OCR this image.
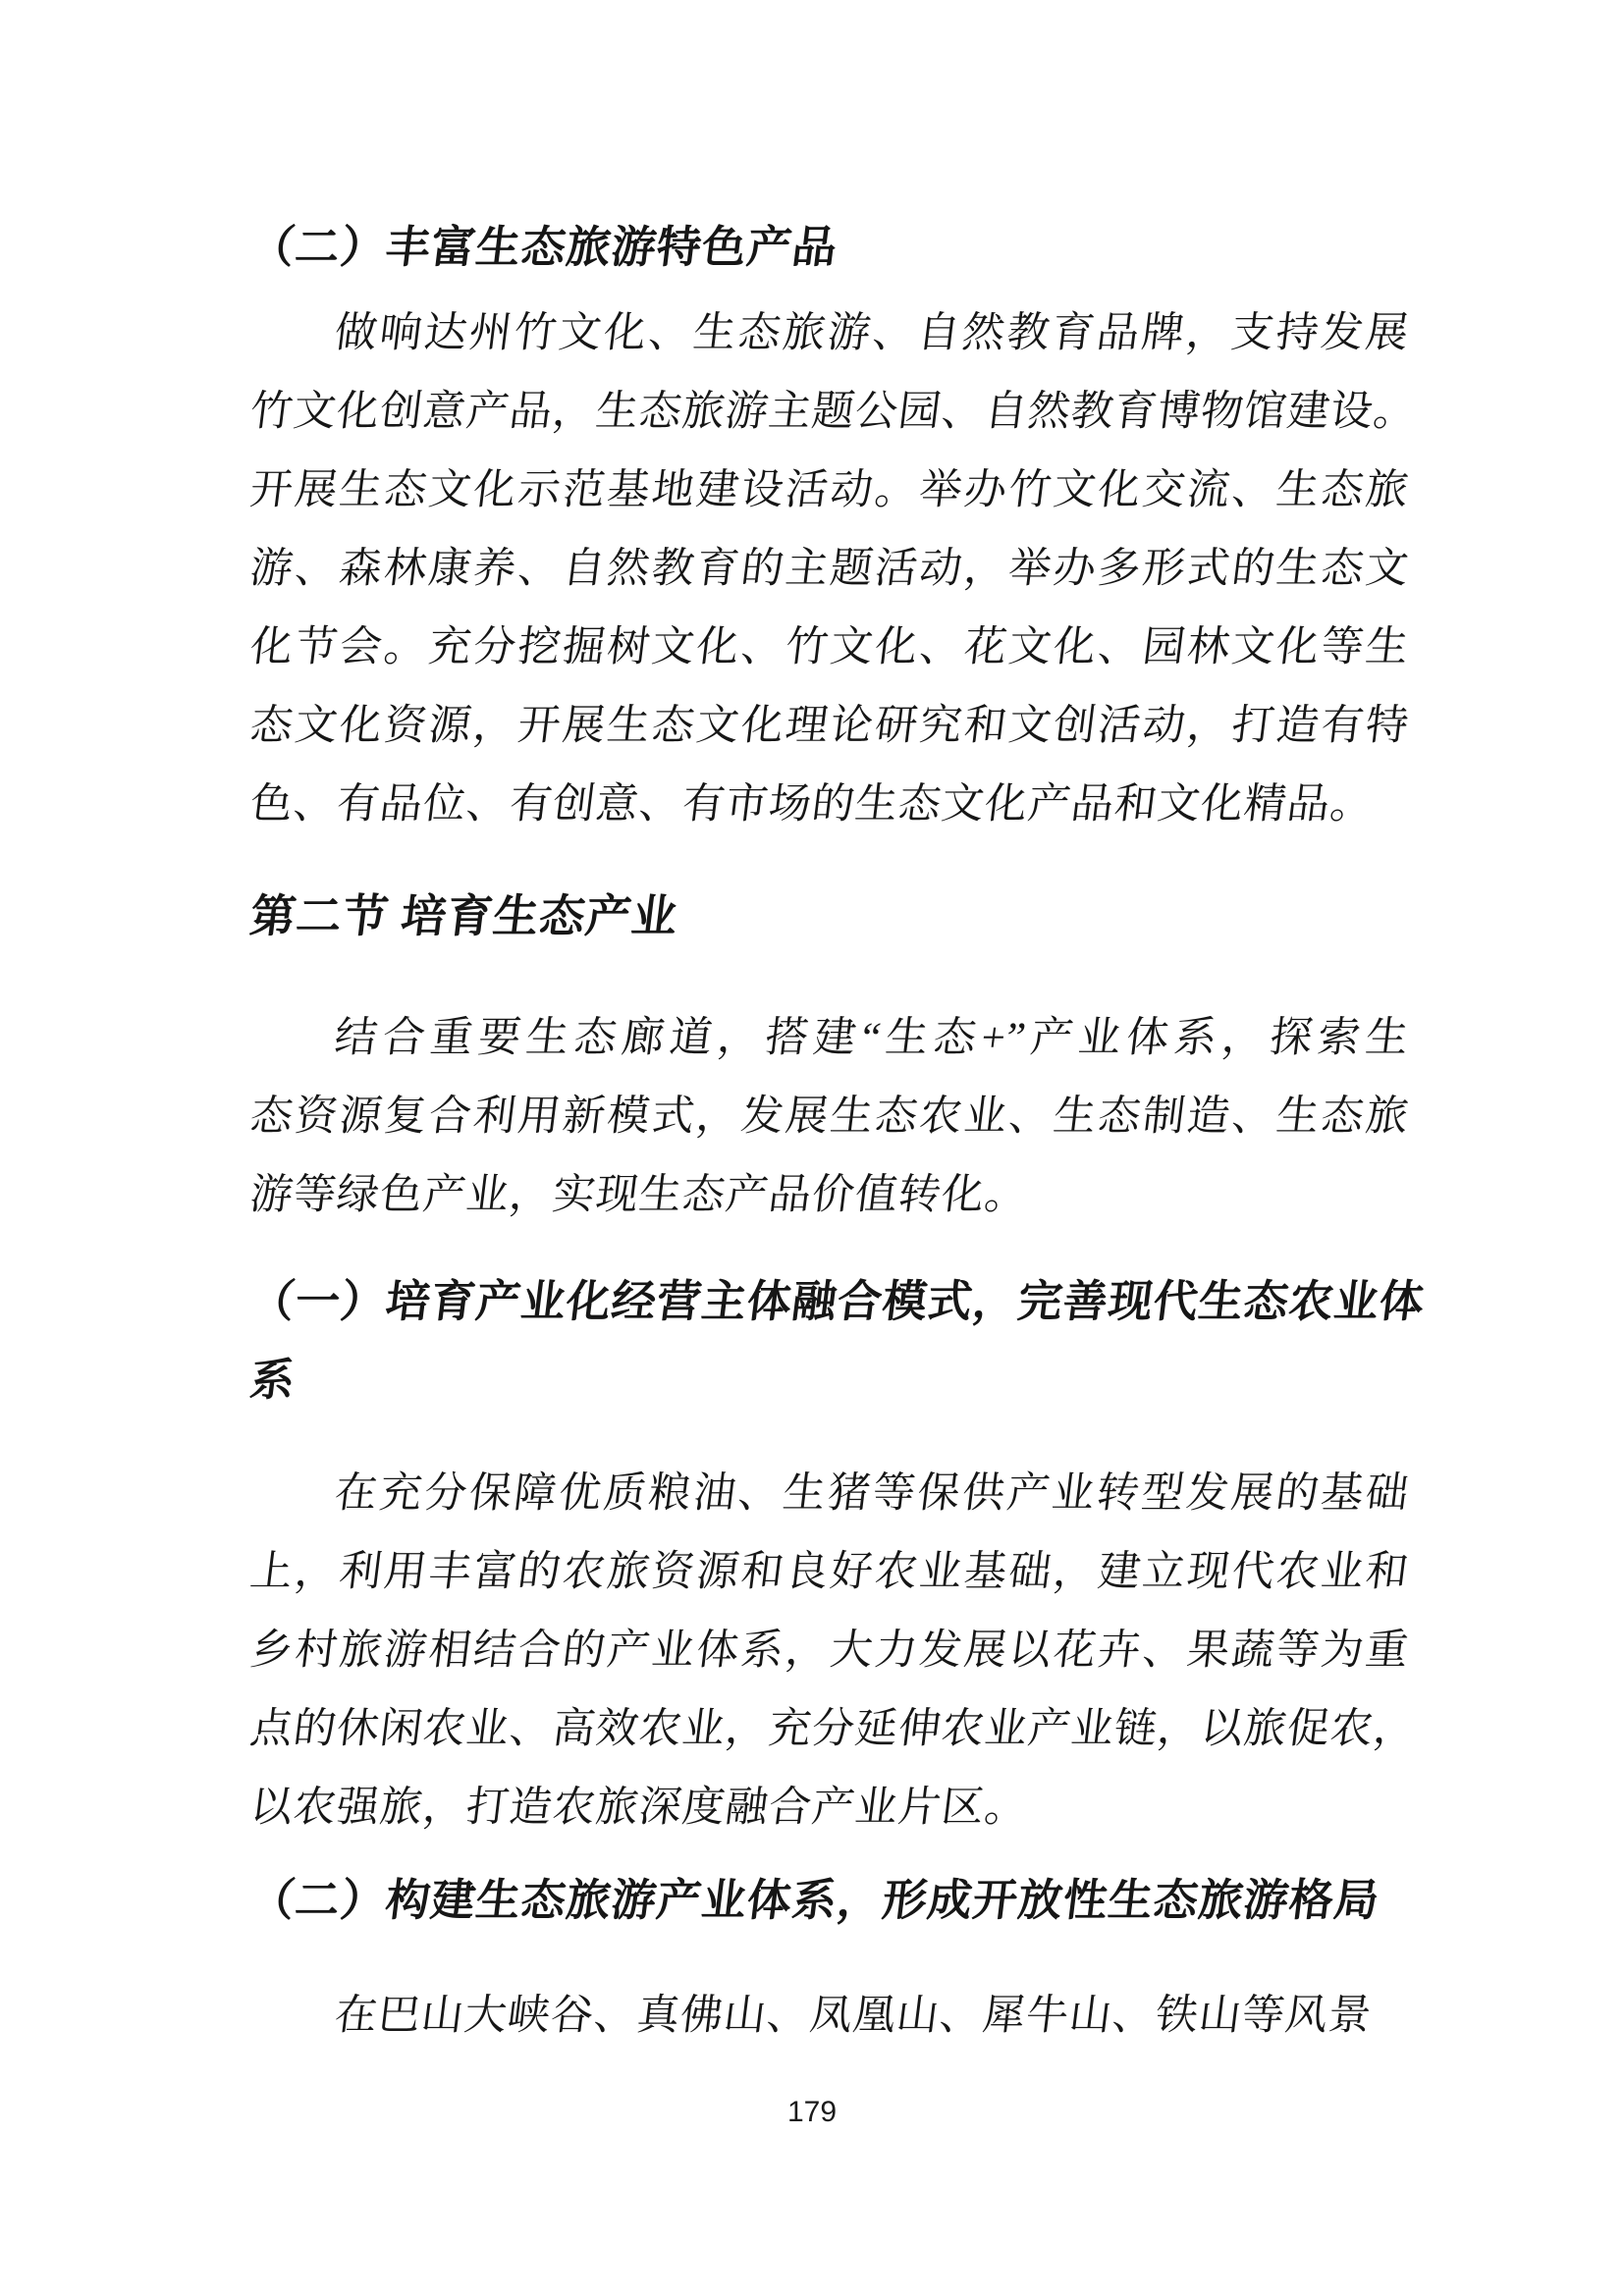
（二）丰富生态旅游特色产品
做响达州竹文化、生态旅游、自然教育品牌，支持发展
竹文化创意产品，生态旅游主题公园、自然教育博物馆建设。
开展生态文化示范基地建设活动。举办竹文化交流、生态旅
游、森林康养、自然教育的主题活动，举办多形式的生态文
化节会。充分挖掘树文化、竹文化、花文化、园林文化等生
态文化资源，开展生态文化理论研究和文创活动，打造有特
色、有品位、有创意、有市场的生态文化产品和文化精品。
第二节 培育生态产业
结合重要生态廊道，搭建“生态+”产业体系，探索生
态资源复合利用新模式，发展生态农业、生态制造、生态旅
游等绿色产业，实现生态产品价值转化。
（一）培育产业化经营主体融合模式，完善现代生态农业体
系
在充分保障优质粮油、生猪等保供产业转型发展的基础
上，利用丰富的农旅资源和良好农业基础，建立现代农业和
乡村旅游相结合的产业体系，大力发展以花卉、果蔬等为重
点的休闲农业、高效农业，充分延伸农业产业链，以旅促农，
以农强旅，打造农旅深度融合产业片区。
（二）构建生态旅游产业体系，形成开放性生态旅游格局
在巴山大峡谷、真佛山、凤凰山、犀牛山、铁山等风景
179
